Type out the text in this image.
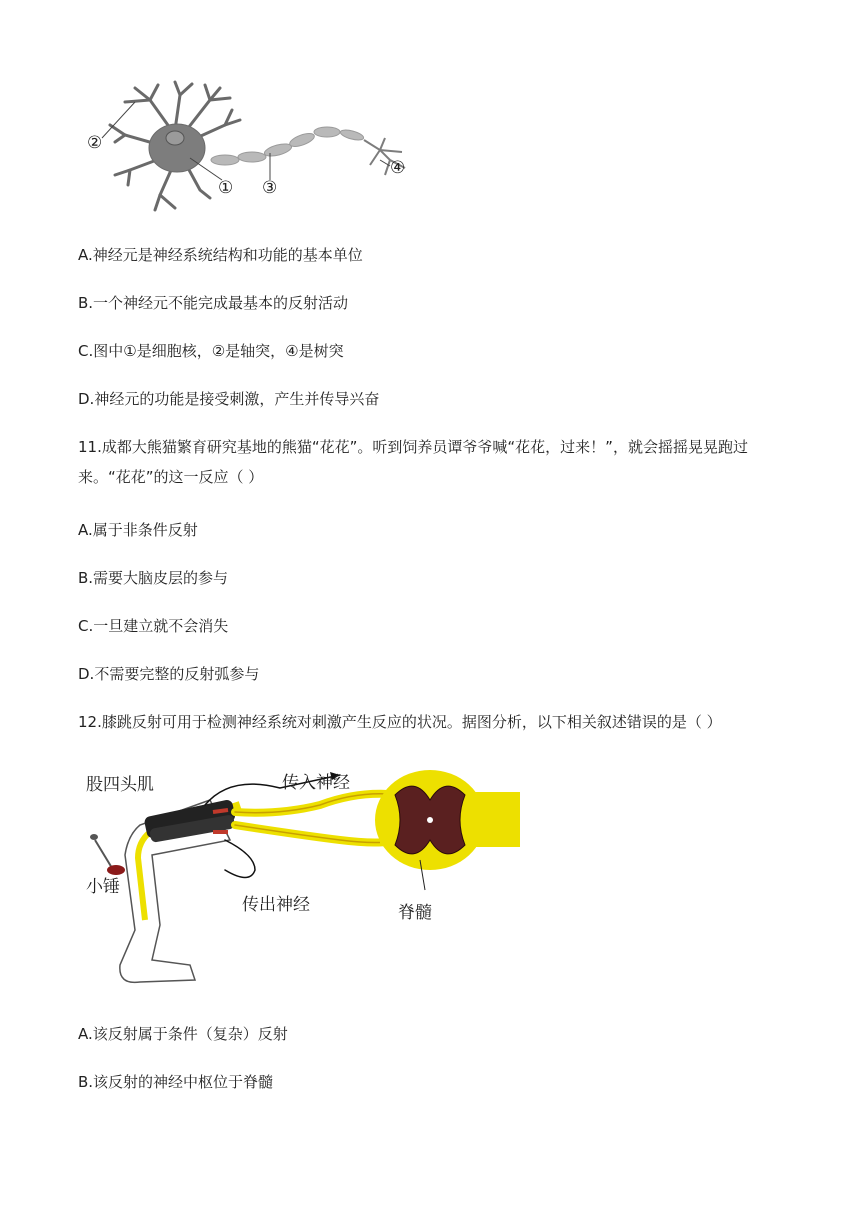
②
① ③
④
A.神经元是神经系统结构和功能的基本单位
B.一个神经元不能完成最基本的反射活动
C.图中①是细胞核，②是轴突，④是树突
D.神经元的功能是接受刺激，产生并传导兴奋
11.成都大熊猫繁育研究基地的熊猫“花花”。听到饲养员谭爷爷喊“花花，过来！”，就会摇摇晃晃跑过来。“花花”的这一反应（ ）
A.属于非条件反射
B.需要大脑皮层的参与
C.一旦建立就不会消失
D.不需要完整的反射弧参与
12.膝跳反射可用于检测神经系统对刺激产生反应的状况。据图分析，以下相关叙述错误的是（ ）
股四头肌	传入神经
小锤
传出神经	脊髓
A.该反射属于条件（复杂）反射
B.该反射的神经中枢位于脊髓
